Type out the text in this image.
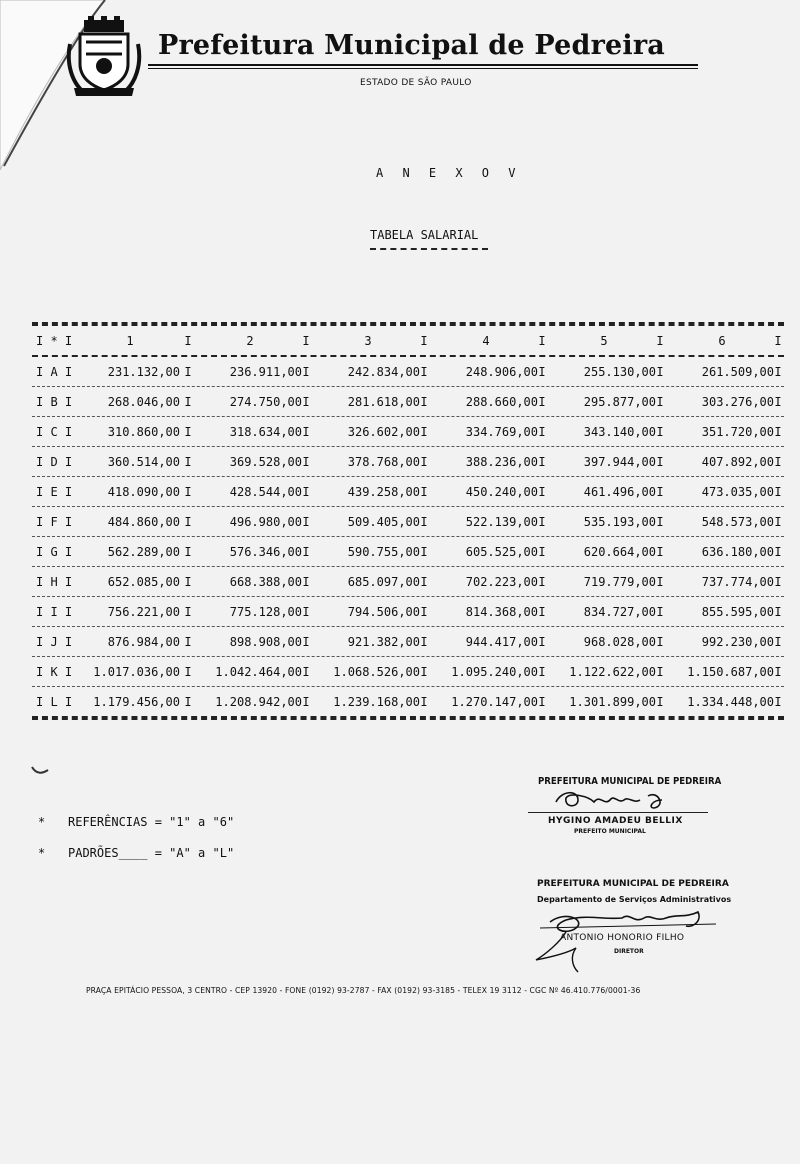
FLOR DA PORCELANA
Prefeitura Municipal de Pedreira
ESTADO DE SÃO PAULO
A N E X O V
TABELA SALARIAL
I * I	1	I	2	I	3	I	4	I	5	I	6	I
I A I	231.132,00 I	236.911,00 I	242.834,00 I	248.906,00 I	255.130,00 I	261.509,00 I
I B I	268.046,00 I	274.750,00 I	281.618,00 I	288.660,00 I	295.877,00 I	303.276,00 I
I C I	310.860,00 I	318.634,00 I	326.602,00 I	334.769,00 I	343.140,00 I	351.720,00 I
I D I	360.514,00 I	369.528,00 I	378.768,00 I	388.236,00 I	397.944,00 I	407.892,00 I
I E I	418.090,00 I	428.544,00 I	439.258,00 I	450.240,00 I	461.496,00 I	473.035,00 I
I F I	484.860,00 I	496.980,00 I	509.405,00 I	522.139,00 I	535.193,00 I	548.573,00 I
I G I	562.289,00 I	576.346,00 I	590.755,00 I	605.525,00 I	620.664,00 I	636.180,00 I
I H I	652.085,00 I	668.388,00 I	685.097,00 I	702.223,00 I	719.779,00 I	737.774,00 I
I I I	756.221,00 I	775.128,00 I	794.506,00 I	814.368,00 I	834.727,00 I	855.595,00 I
I J I	876.984,00 I	898.908,00 I	921.382,00 I	944.417,00 I	968.028,00 I	992.230,00 I
I K I	1.017.036,00 I	1.042.464,00 I	1.068.526,00 I	1.095.240,00 I	1.122.622,00 I	1.150.687,00 I
I L I	1.179.456,00 I	1.208.942,00 I	1.239.168,00 I	1.270.147,00 I	1.301.899,00 I	1.334.448,00 I
* REFERÊNCIAS = "1" a "6"
* PADRÕES____ = "A" a "L"
PREFEITURA MUNICIPAL DE PEDREIRA
HYGINO AMADEU BELLIX
PREFEITO MUNICIPAL
PREFEITURA MUNICIPAL DE PEDREIRA
Departamento de Serviços Administrativos
ANTONIO HONORIO FILHO
DIRETOR
PRAÇA EPITÁCIO PESSOA, 3 CENTRO - CEP 13920 - FONE (0192) 93-2787 - FAX (0192) 93-3185 - TELEX 19 3112 - CGC Nº 46.410.776/0001-36
